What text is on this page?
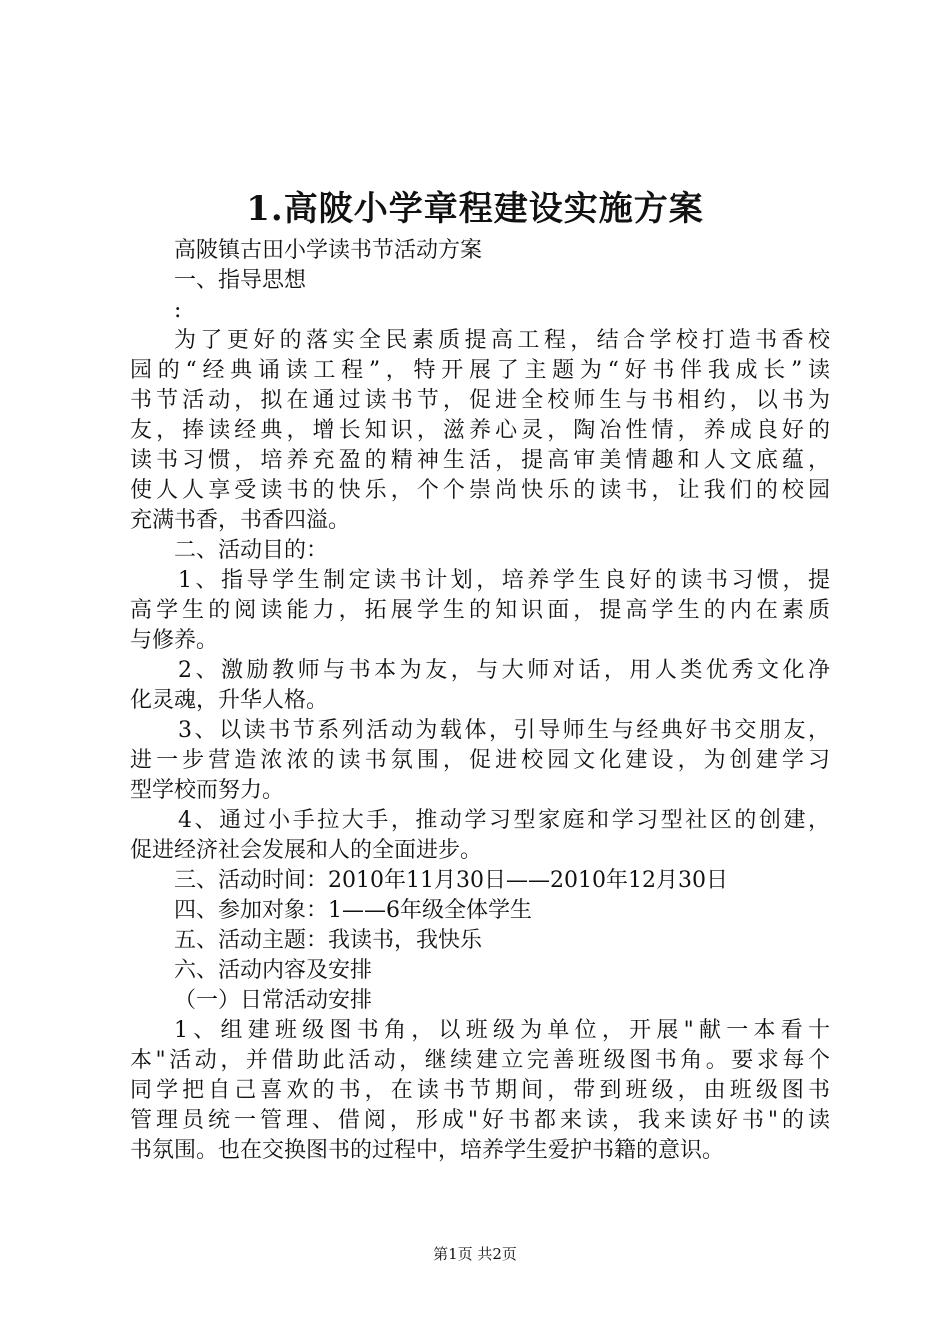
1.高陂小学章程建设实施方案
高陂镇古田小学读书节活动方案
一、指导思想
:
为了更好的落实全民素质提高工程，结合学校打造书香校
园的“经典诵读工程”，特开展了主题为“好书伴我成长”读
书节活动，拟在通过读书节，促进全校师生与书相约，以书为
友，捧读经典，增长知识，滋养心灵，陶冶性情，养成良好的
读书习惯，培养充盈的精神生活，提高审美情趣和人文底蕴，
使人人享受读书的快乐，个个崇尚快乐的读书，让我们的校园
充满书香，书香四溢。
二、活动目的：
1、指导学生制定读书计划，培养学生良好的读书习惯，提
高学生的阅读能力，拓展学生的知识面，提高学生的内在素质
与修养。
2、激励教师与书本为友，与大师对话，用人类优秀文化净
化灵魂，升华人格。
3、以读书节系列活动为载体，引导师生与经典好书交朋友，
进一步营造浓浓的读书氛围，促进校园文化建设，为创建学习
型学校而努力。
4、通过小手拉大手，推动学习型家庭和学习型社区的创建，
促进经济社会发展和人的全面进步。
三、活动时间：2010年11月30日——2010年12月30日
四、参加对象：1——6年级全体学生
五、活动主题：我读书，我快乐
六、活动内容及安排
（一）日常活动安排
1、组建班级图书角，以班级为单位，开展"献一本看十
本"活动，并借助此活动，继续建立完善班级图书角。要求每个
同学把自己喜欢的书，在读书节期间，带到班级，由班级图书
管理员统一管理、借阅，形成"好书都来读，我来读好书"的读
书氛围。也在交换图书的过程中，培养学生爱护书籍的意识。
第1页 共2页
